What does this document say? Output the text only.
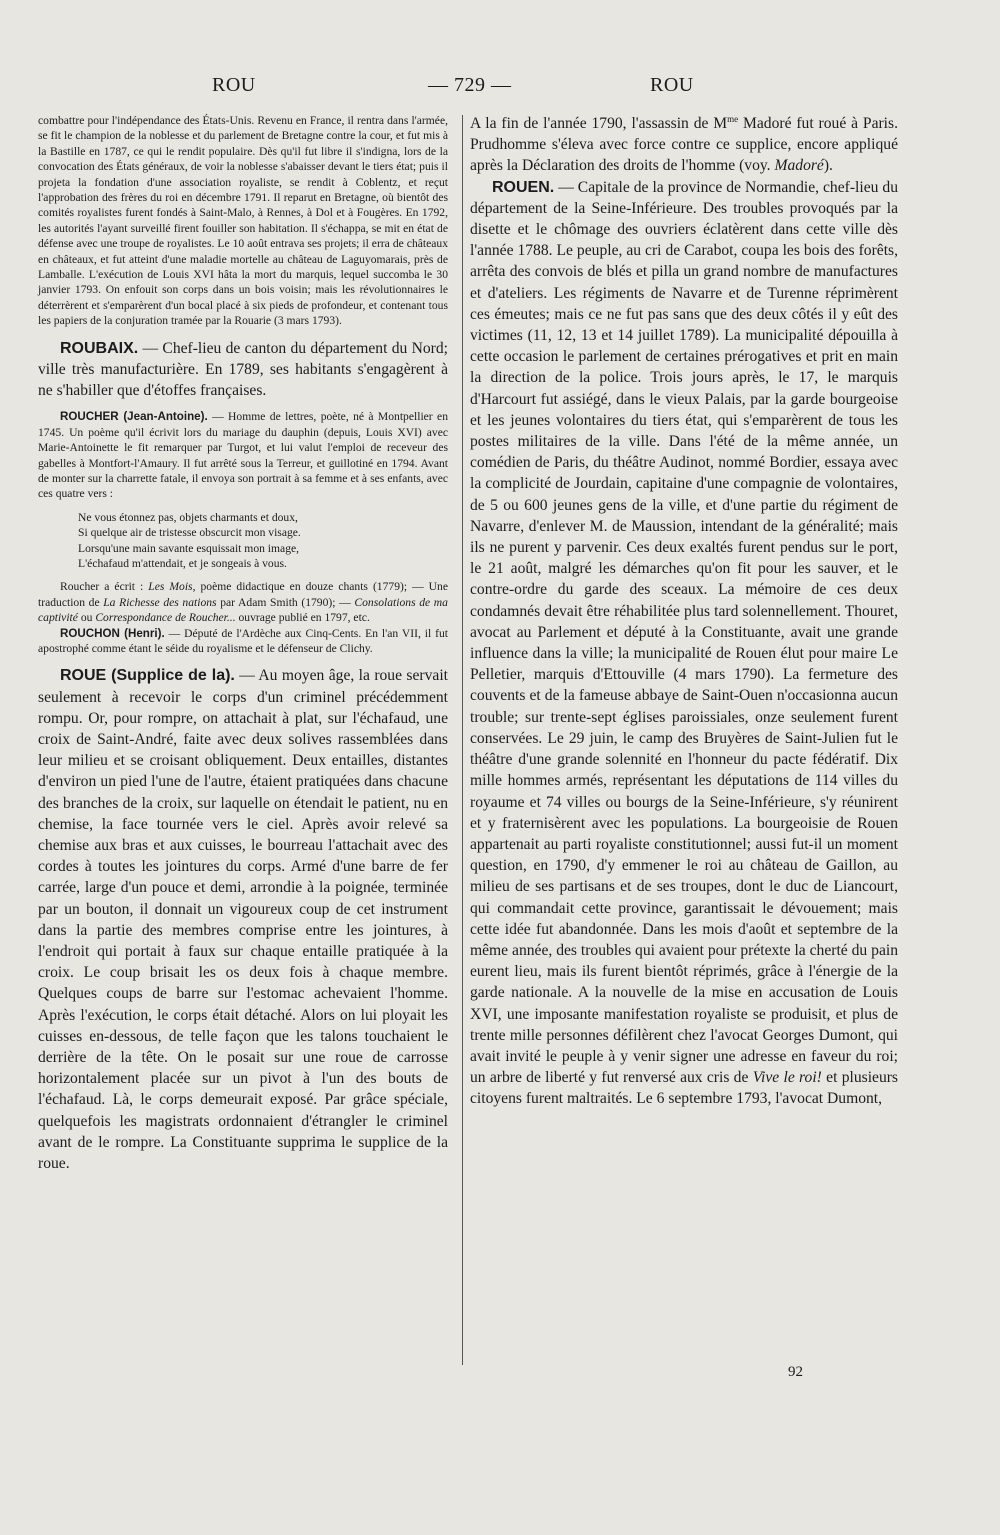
ROU	— 729 —	ROU

combattre pour l'indépendance des États-Unis. Revenu en France, il rentra dans l'armée, se fit le champion de la noblesse et du parlement de Bretagne contre la cour, et fut mis à la Bastille en 1787, ce qui le rendit populaire. Dès qu'il fut libre il s'indigna, lors de la convocation des États généraux, de voir la noblesse s'abaisser devant le tiers état; puis il projeta la fondation d'une association royaliste, se rendit à Coblentz, et reçut l'approbation des frères du roi en décembre 1791. Il reparut en Bretagne, où bientôt des comités royalistes furent fondés à Saint-Malo, à Rennes, à Dol et à Fougères. En 1792, les autorités l'ayant surveillé firent fouiller son habitation. Il s'échappa, se mit en état de défense avec une troupe de royalistes. Le 10 août entrava ses projets; il erra de châteaux en châteaux, et fut atteint d'une maladie mortelle au château de Laguyomarais, près de Lamballe. L'exécution de Louis XVI hâta la mort du marquis, lequel succomba le 30 janvier 1793. On enfouit son corps dans un bois voisin; mais les révolutionnaires le déterrèrent et s'emparèrent d'un bocal placé à six pieds de profondeur, et contenant tous les papiers de la conjuration tramée par la Rouarie (3 mars 1793).

ROUBAIX. — Chef-lieu de canton du département du Nord; ville très manufacturière. En 1789, ses habitants s'engagèrent à ne s'habiller que d'étoffes françaises.

ROUCHER (Jean-Antoine). — Homme de lettres, poète, né à Montpellier en 1745. Un poème qu'il écrivit lors du mariage du dauphin (depuis, Louis XVI) avec Marie-Antoinette le fit remarquer par Turgot, et lui valut l'emploi de receveur des gabelles à Montfort-l'Amaury. Il fut arrêté sous la Terreur, et guillotiné en 1794. Avant de monter sur la charrette fatale, il envoya son portrait à sa femme et à ses enfants, avec ces quatre vers :

Ne vous étonnez pas, objets charmants et doux,
Si quelque air de tristesse obscurcit mon visage.
Lorsqu'une main savante esquissait mon image,
L'échafaud m'attendait, et je songeais à vous.

Roucher a écrit : Les Mois, poème didactique en douze chants (1779); — Une traduction de La Richesse des nations par Adam Smith (1790); — Consolations de ma captivité ou Correspondance de Roucher... ouvrage publié en 1797, etc.

ROUCHON (Henri). — Député de l'Ardèche aux Cinq-Cents. En l'an VII, il fut apostrophé comme étant le séide du royalisme et le défenseur de Clichy.

ROUE (Supplice de la). — Au moyen âge, la roue servait seulement à recevoir le corps d'un criminel précédemment rompu. Or, pour rompre, on attachait à plat, sur l'échafaud, une croix de Saint-André, faite avec deux solives rassemblées dans leur milieu et se croisant obliquement. Deux entailles, distantes d'environ un pied l'une de l'autre, étaient pratiquées dans chacune des branches de la croix, sur laquelle on étendait le patient, nu en chemise, la face tournée vers le ciel. Après avoir relevé sa chemise aux bras et aux cuisses, le bourreau l'attachait avec des cordes à toutes les jointures du corps. Armé d'une barre de fer carrée, large d'un pouce et demi, arrondie à la poignée, terminée par un bouton, il donnait un vigoureux coup de cet instrument dans la partie des membres comprise entre les jointures, à l'endroit qui portait à faux sur chaque entaille pratiquée à la croix. Le coup brisait les os deux fois à chaque membre. Quelques coups de barre sur l'estomac achevaient l'homme. Après l'exécution, le corps était détaché. Alors on lui ployait les cuisses en-dessous, de telle façon que les talons touchaient le derrière de la tête. On le posait sur une roue de carrosse horizontalement placée sur un pivot à l'un des bouts de l'échafaud. Là, le corps demeurait exposé. Par grâce spéciale, quelquefois les magistrats ordonnaient d'étrangler le criminel avant de le rompre. La Constituante supprima le supplice de la roue.

A la fin de l'année 1790, l'assassin de $M^{me}$ Madoré fut roué à Paris. Prudhomme s'éleva avec force contre ce supplice, encore appliqué après la Déclaration des droits de l'homme (voy. Madoré).

ROUEN. — Capitale de la province de Normandie, chef-lieu du département de la Seine-Inférieure. Des troubles provoqués par la disette et le chômage des ouvriers éclatèrent dans cette ville dès l'année 1788. Le peuple, au cri de Carabot, coupa les bois des forêts, arrêta des convois de blés et pilla un grand nombre de manufactures et d'ateliers. Les régiments de Navarre et de Turenne réprimèrent ces émeutes; mais ce ne fut pas sans que des deux côtés il y eût des victimes (11, 12, 13 et 14 juillet 1789). La municipalité dépouilla à cette occasion le parlement de certaines prérogatives et prit en main la direction de la police. Trois jours après, le 17, le marquis d'Harcourt fut assiégé, dans le vieux Palais, par la garde bourgeoise et les jeunes volontaires du tiers état, qui s'emparèrent de tous les postes militaires de la ville. Dans l'été de la même année, un comédien de Paris, du théâtre Audinot, nommé Bordier, essaya avec la complicité de Jourdain, capitaine d'une compagnie de volontaires, de 5 ou 600 jeunes gens de la ville, et d'une partie du régiment de Navarre, d'enlever M. de Maussion, intendant de la généralité; mais ils ne purent y parvenir. Ces deux exaltés furent pendus sur le port, le 21 août, malgré les démarches qu'on fit pour les sauver, et le contre-ordre du garde des sceaux. La mémoire de ces deux condamnés devait être réhabilitée plus tard solennellement. Thouret, avocat au Parlement et député à la Constituante, avait une grande influence dans la ville; la municipalité de Rouen élut pour maire Le Pelletier, marquis d'Ettouville (4 mars 1790). La fermeture des couvents et de la fameuse abbaye de Saint-Ouen n'occasionna aucun trouble; sur trente-sept églises paroissiales, onze seulement furent conservées. Le 29 juin, le camp des Bruyères de Saint-Julien fut le théâtre d'une grande solennité en l'honneur du pacte fédératif. Dix mille hommes armés, représentant les députations de 114 villes du royaume et 74 villes ou bourgs de la Seine-Inférieure, s'y réunirent et y fraternisèrent avec les populations. La bourgeoisie de Rouen appartenait au parti royaliste constitutionnel; aussi fut-il un moment question, en 1790, d'y emmener le roi au château de Gaillon, au milieu de ses partisans et de ses troupes, dont le duc de Liancourt, qui commandait cette province, garantissait le dévouement; mais cette idée fut abandonnée. Dans les mois d'août et septembre de la même année, des troubles qui avaient pour prétexte la cherté du pain eurent lieu, mais ils furent bientôt réprimés, grâce à l'énergie de la garde nationale. A la nouvelle de la mise en accusation de Louis XVI, une imposante manifestation royaliste se produisit, et plus de trente mille personnes défilèrent chez l'avocat Georges Dumont, qui avait invité le peuple à y venir signer une adresse en faveur du roi; un arbre de liberté y fut renversé aux cris de Vive le roi! et plusieurs citoyens furent maltraités. Le 6 septembre 1793, l'avocat Dumont,

92
